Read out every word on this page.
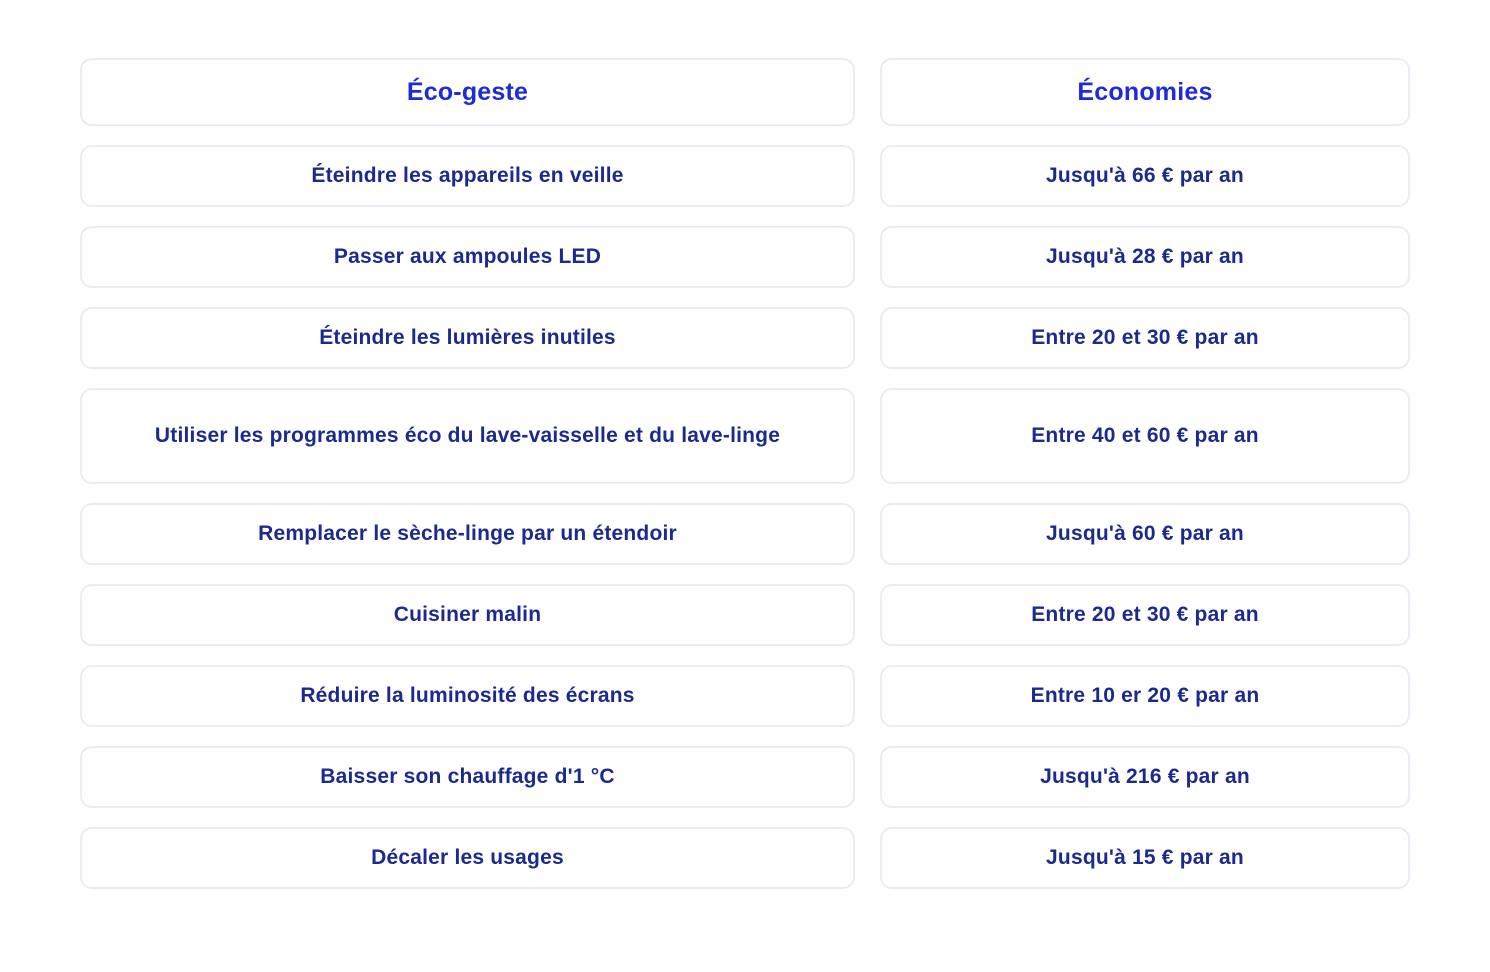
Éco-geste	Économies
Éteindre les appareils en veille	Jusqu'à 66 € par an
Passer aux ampoules LED	Jusqu'à 28 € par an
Éteindre les lumières inutiles	Entre 20 et 30 € par an
Utiliser les programmes éco du lave-vaisselle et du lave-linge	Entre 40 et 60 € par an
Remplacer le sèche-linge par un étendoir	Jusqu'à 60 € par an
Cuisiner malin	Entre 20 et 30 € par an
Réduire la luminosité des écrans	Entre 10 er 20 € par an
Baisser son chauffage d'1 °C	Jusqu'à 216 € par an
Décaler les usages	Jusqu'à 15 € par an
